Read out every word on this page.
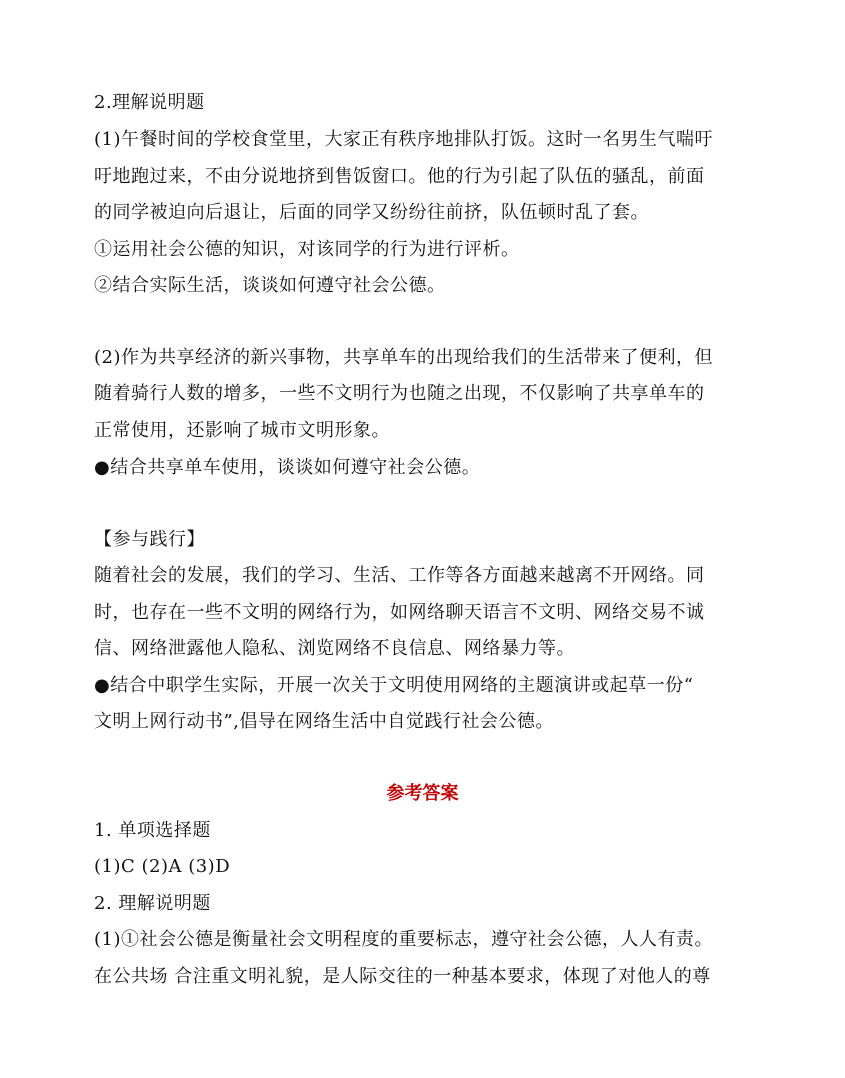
2.理解说明题
(1)午餐时间的学校食堂里，大家正有秩序地排队打饭。这时一名男生气喘吁
吁地跑过来，不由分说地挤到售饭窗口。他的行为引起了队伍的骚乱，前面
的同学被迫向后退让，后面的同学又纷纷往前挤，队伍顿时乱了套。
①运用社会公德的知识，对该同学的行为进行评析。
②结合实际生活，谈谈如何遵守社会公德。
(2)作为共享经济的新兴事物，共享单车的出现给我们的生活带来了便利，但
随着骑行人数的增多，一些不文明行为也随之出现，不仅影响了共享单车的
正常使用，还影响了城市文明形象。
●结合共享单车使用，谈谈如何遵守社会公德。
【参与践行】
随着社会的发展，我们的学习、生活、工作等各方面越来越离不开网络。同
时，也存在一些不文明的网络行为，如网络聊天语言不文明、网络交易不诚
信、网络泄露他人隐私、浏览网络不良信息、网络暴力等。
●结合中职学生实际，开展一次关于文明使用网络的主题演讲或起草一份“
文明上网行动书”,倡导在网络生活中自觉践行社会公德。
参考答案
1. 单项选择题
(1)C (2)A (3)D
2. 理解说明题
(1)①社会公德是衡量社会文明程度的重要标志，遵守社会公德，人人有责。
在公共场 合注重文明礼貌，是人际交往的一种基本要求，体现了对他人的尊
